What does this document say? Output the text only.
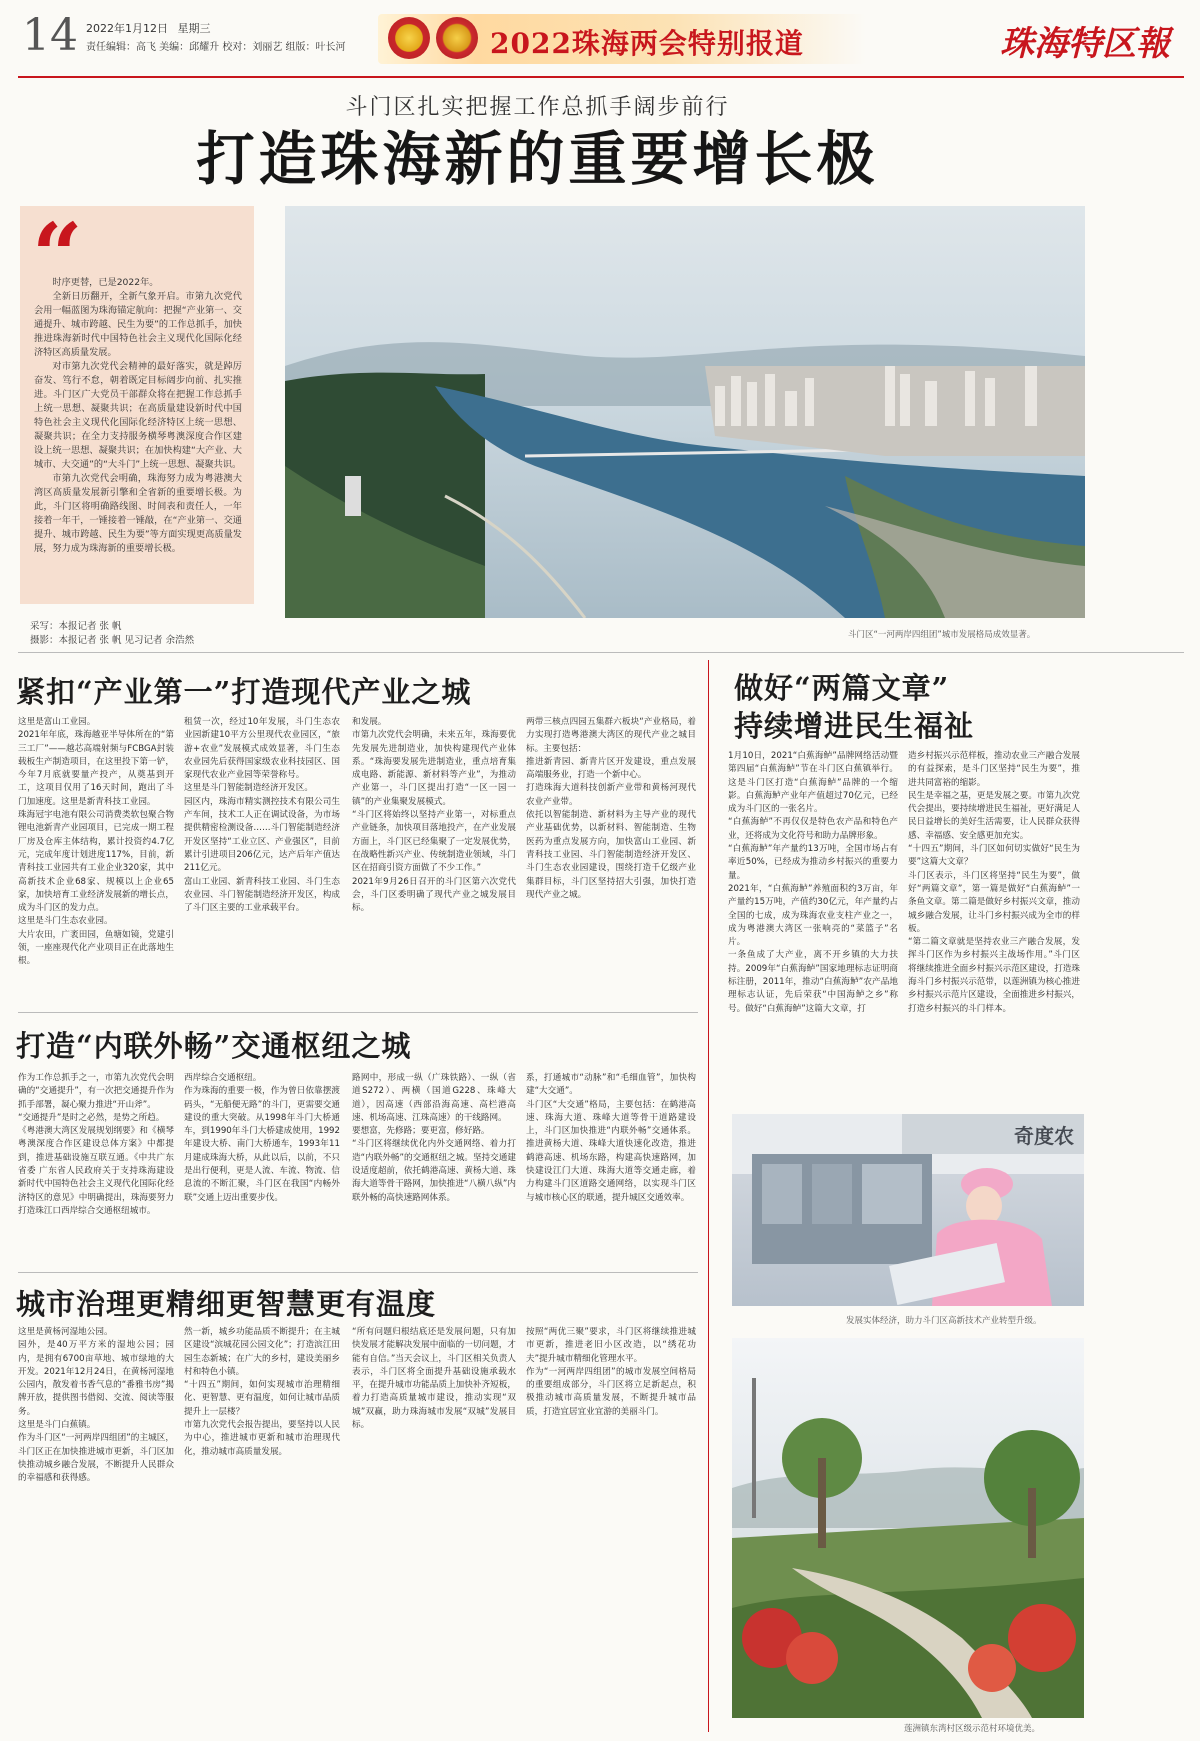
14 2022年1月12日 星期三
责任编辑：高飞 美编：邱耀升 校对：刘丽艺 组版：叶长河	2022珠海两会特别报道	珠海特区報
斗门区扎实把握工作总抓手阔步前行
打造珠海新的重要增长极
“

时序更替，已是2022年。

全新日历翻开，全新气象开启。市第九次党代会用一幅蓝图为珠海锚定航向：把握“产业第一、交通提升、城市跨越、民生为要”的工作总抓手，加快推进珠海新时代中国特色社会主义现代化国际化经济特区高质量发展。

对市第九次党代会精神的最好落实，就是踔厉奋发、笃行不怠，朝着既定目标阔步向前、扎实推进。斗门区广大党员干部群众将在把握工作总抓手上统一思想、凝聚共识；在高质量建设新时代中国特色社会主义现代化国际化经济特区上统一思想、凝聚共识；在全力支持服务横琴粤澳深度合作区建设上统一思想、凝聚共识；在加快构建“大产业、大城市、大交通”的“大斗门”上统一思想、凝聚共识。

市第九次党代会明确，珠海努力成为粤港澳大湾区高质量发展新引擎和全省新的重要增长极。为此，斗门区将明确路线图、时间表和责任人，一年接着一年干，一锤接着一锤敲，在“产业第一、交通提升、城市跨越、民生为要”等方面实现更高质量发展，努力成为珠海新的重要增长极。

采写：本报记者 张 帆
摄影：本报记者 张 帆 见习记者 余浩然	斗门区“一河两岸四组团”城市发展格局成效显著。
紧扣“产业第一”打造现代产业之城
这里是富山工业园。
2021年年底，珠海越亚半导体所在的“第三工厂”——越芯高端射频与FCBGA封装载板生产制造项目，在这里投下第一铲，今年7月底就要量产投产，从奠基到开工，这项目仅用了16天时间，跑出了斗门加速度。这里是新青科技工业园。
珠海冠宇电池有限公司消费类软包聚合物锂电池新青产业园项目，已完成一期工程厂房及仓库主体结构，累计投资约4.7亿元，完成年度计划进度117%，目前，新青科技工业园共有工业企业320家，其中高新技术企业68家、规模以上企业65家，加快培育工业经济发展新的增长点，成为斗门区的发力点。
这里是斗门生态农业园。
大片农田，广袤田园，鱼塘如镜，党建引领，一座座现代化产业项目正在此落地生根。
租赁一次，经过10年发展，斗门生态农业园新建10平方公里现代农业园区，“旅游+农业”发展模式成效显著，斗门生态农业园先后获得国家级农业科技园区、国家现代农业产业园等荣誉称号。
这里是斗门智能制造经济开发区。
园区内，珠海市精实测控技术有限公司生产车间，技术工人正在调试设备，为市场提供精密检测设备……斗门智能制造经济开发区坚持“工业立区、产业强区”，目前累计引进项目206亿元，达产后年产值达211亿元。
富山工业园、新青科技工业园、斗门生态农业园、斗门智能制造经济开发区，构成了斗门区主要的工业承载平台。
和发展。
市第九次党代会明确，未来五年，珠海要优先发展先进制造业，加快构建现代产业体系。“珠海要发展先进制造业，重点培育集成电路、新能源、新材料等产业”，为推动产业第一，斗门区提出打造“一区一园一镇”的产业集聚发展模式。
“斗门区将始终以坚持产业第一，对标重点产业链条，加快项目落地投产，在产业发展方面上，斗门区已经集聚了一定发展优势，在战略性新兴产业、传统制造业领域，斗门区在招商引资方面做了不少工作。”
2021年9月26日召开的斗门区第六次党代会，斗门区委明确了现代产业之城发展目标。
两带三核点四园五集群六板块“产业格局，着力实现打造粤港澳大湾区的现代产业之城目标。主要包括：
推进新青园、新青片区开发建设，重点发展高端服务业，打造一个新中心。
打造珠海大道科技创新产业带和黄杨河现代农业产业带。
依托以智能制造、新材料为主导产业的现代产业基础优势，以新材料、智能制造、生物医药为重点发展方向，加快富山工业园、新青科技工业园、斗门智能制造经济开发区、斗门生态农业园建设，围绕打造千亿级产业集群目标，斗门区坚持招大引强，加快打造现代产业之城。
打造“内联外畅”交通枢纽之城
作为工作总抓手之一，市第九次党代会明确的“交通提升”，有一次把交通提升作为抓手部署，凝心聚力推进“开山斧”。
“交通提升”是时之必然，是势之所趋。
《粤港澳大湾区发展规划纲要》和《横琴粤澳深度合作区建设总体方案》中都提到，推进基础设施互联互通。《中共广东省委 广东省人民政府关于支持珠海建设新时代中国特色社会主义现代化国际化经济特区的意见》中明确提出，珠海要努力打造珠江口西岸综合交通枢纽城市。
西岸综合交通枢纽。
作为珠海的重要一极，作为曾日依靠摆渡码头，“无船便无路”的斗门，更需要交通建设的重大突破。从1998年斗门大桥通车，到1990年斗门大桥建成使用，1992年建设大桥、南门大桥通车，1993年11月建成珠海大桥，从此以后，以前，不只是出行便利，更是人流、车流、物流、信息流的不断汇聚，斗门区在我国“内畅外联”交通上迈出重要步伐。
路网中，形成一纵（广珠铁路）、一纵（省道S272）、两横（国道G228、珠峰大道），因高速（西部沿海高速、高栏港高速、机场高速、江珠高速）的干线路网。
要想富，先修路；要更富，修好路。
“斗门区将继续优化内外交通网络、着力打造“内联外畅”的交通枢纽之城。坚持交通建设适度超前，依托鹤港高速、黄杨大道、珠海大道等骨干路网，加快推进“八横八纵”内联外畅的高快速路网体系。
系，打通城市“动脉”和“毛细血管”，加快构建“大交通”。
斗门区“大交通”格局，主要包括：在鹤港高速、珠海大道、珠峰大道等骨干道路建设上，斗门区加快推进“内联外畅”交通体系。推进黄杨大道、珠峰大道快速化改造，推进鹤港高速、机场东路，构建高快速路网，加快建设江门大道、珠海大道等交通走廊，着力构建斗门区道路交通网络，以实现斗门区与城市核心区的联通，提升城区交通效率。
城市治理更精细更智慧更有温度
这里是黄杨河湿地公园。
园外，是40万平方米的湿地公园；园内，是拥有6700亩草地、城市绿地的大开发。2021年12月24日，在黄杨河湿地公园内，散发着书香气息的“番雅书房”揭牌开放，提供图书借阅、交流、阅读等服务。
这里是斗门白蕉镇。
作为斗门区“一河两岸四组团”的主城区，斗门区正在加快推进城市更新，斗门区加快推动城乡融合发展，不断提升人民群众的幸福感和获得感。
然一新，城乡功能品质不断提升；在主城区建设“滨城花园公园文化”；打造滨江田园生态新城；在广大的乡村，建设美丽乡村和特色小镇。
“十四五”期间，如何实现城市治理精细化、更智慧、更有温度，如何让城市品质提升上一层楼？
市第九次党代会报告提出，要坚持以人民为中心，推进城市更新和城市治理现代化，推动城市高质量发展。
“所有问题归根结底还是发展问题，只有加快发展才能解决发展中面临的一切问题，才能有自信。”当天会议上，斗门区相关负责人表示，斗门区将全面提升基础设施承载水平，在提升城市功能品质上加快补齐短板，着力打造高质量城市建设，推动实现“双城”双赢，助力珠海城市发展“双城”发展目标。
按照“两优三聚”要求，斗门区将继续推进城市更新，推进老旧小区改造，以“绣花功夫”提升城市精细化管理水平。
作为“一河两岸四组团”的城市发展空间格局的重要组成部分，斗门区将立足新起点，积极推动城市高质量发展，不断提升城市品质，打造宜居宜业宜游的美丽斗门。
做好“两篇文章”
持续增进民生福祉
1月10日，2021“白蕉海鲈”品牌网络活动暨第四届“白蕉海鲈”节在斗门区白蕉镇举行。这是斗门区打造“白蕉海鲈”品牌的一个缩影。白蕉海鲈产业年产值超过70亿元，已经成为斗门区的一张名片。
“白蕉海鲈”不再仅仅是特色农产品和特色产业，还将成为文化符号和助力品牌形象。
“白蕉海鲈”年产量约13万吨，全国市场占有率近50%，已经成为推动乡村振兴的重要力量。
2021年，“白蕉海鲈”养殖面积约3万亩，年产量约15万吨，产值约30亿元，年产量约占全国的七成，成为珠海农业支柱产业之一，成为粤港澳大湾区一张响亮的“菜篮子”名片。
一条鱼成了大产业，离不开乡镇的大力扶持。2009年“白蕉海鲈”国家地理标志证明商标注册，2011年，推动“白蕉海鲈”农产品地理标志认证，先后荣获“中国海鲈之乡”称号。做好“白蕉海鲈”这篇大文章，打
造乡村振兴示范样板，推动农业三产融合发展的有益探索，是斗门区坚持“民生为要”，推进共同富裕的缩影。
民生是幸福之基，更是发展之要。市第九次党代会提出，要持续增进民生福祉，更好满足人民日益增长的美好生活需要，让人民群众获得感、幸福感、安全感更加充实。
“十四五”期间，斗门区如何切实做好“民生为要”这篇大文章？
斗门区表示，斗门区将坚持“民生为要”，做好“两篇文章”，第一篇是做好“白蕉海鲈”一条鱼文章。第二篇是做好乡村振兴文章，推动城乡融合发展，让斗门乡村振兴成为全市的样板。
“第二篇文章就是坚持农业三产融合发展，发挥斗门区作为乡村振兴主战场作用。”斗门区将继续推进全面乡村振兴示范区建设，打造珠海斗门乡村振兴示范带，以莲洲镇为核心推进乡村振兴示范片区建设，全面推进乡村振兴，打造乡村振兴的斗门样本。
奇度农
发展实体经济，助力斗门区高新技术产业转型升级。
莲洲镇东湾村区级示范村环境优美。
